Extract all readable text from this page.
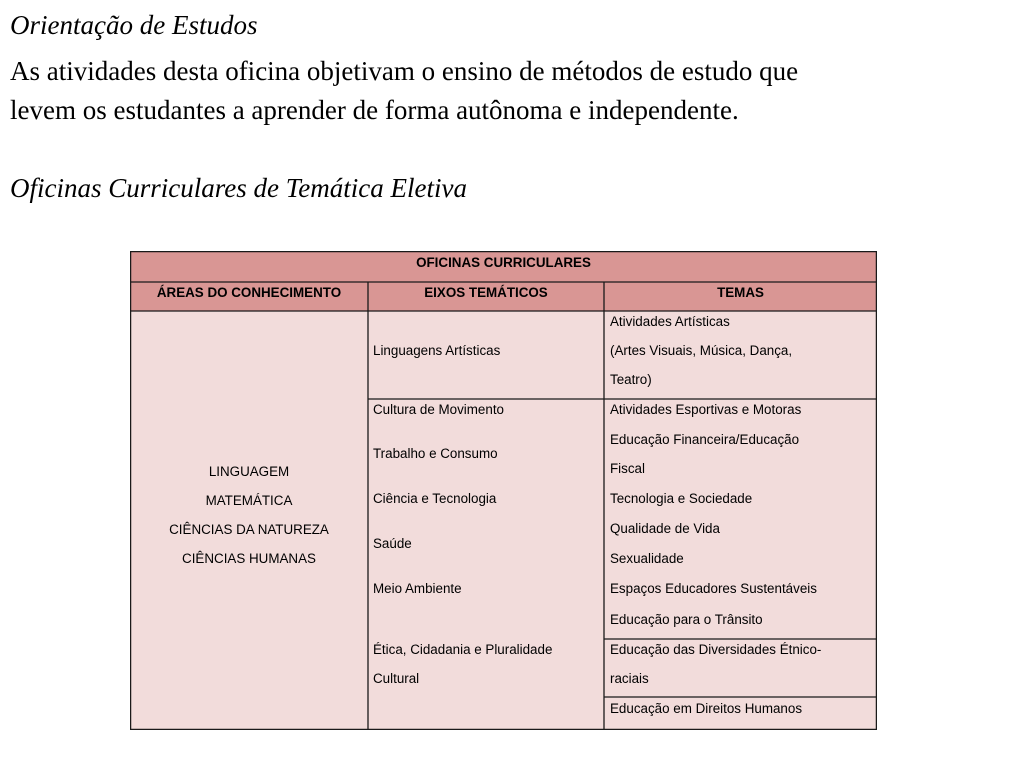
Orientação de Estudos
As atividades desta oficina objetivam o ensino de métodos de estudo que
levem os estudantes a aprender de forma autônoma e independente.
Oficinas Curriculares de Temática Eletiva
OFICINAS CURRICULARES
ÁREAS DO CONHECIMENTO	EIXOS TEMÁTICOS	TEMAS
LINGUAGEM
MATEMÁTICA
CIÊNCIAS DA NATUREZA
CIÊNCIAS HUMANAS
Linguagens Artísticas
Cultura de Movimento
Trabalho e Consumo
Ciência e Tecnologia
Saúde
Meio Ambiente
Ética, Cidadania e Pluralidade
Cultural
Atividades Artísticas
(Artes Visuais, Música, Dança,
Teatro)
Atividades Esportivas e Motoras
Educação Financeira/Educação
Fiscal
Tecnologia e Sociedade
Qualidade de Vida
Sexualidade
Espaços Educadores Sustentáveis
Educação para o Trânsito
Educação das Diversidades Étnico-
raciais
Educação em Direitos Humanos
